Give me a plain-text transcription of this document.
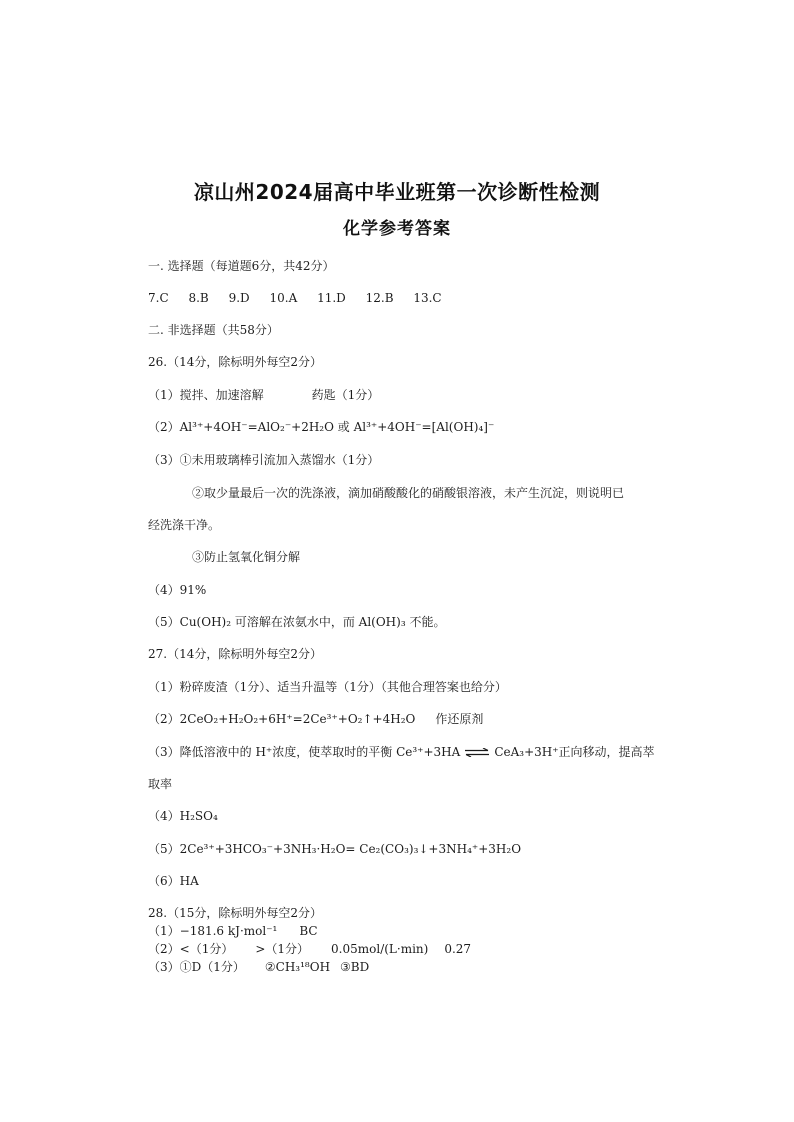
凉山州2024届高中毕业班第一次诊断性检测
化学参考答案
一. 选择题（每道题6分，共42分）
7.C 8.B 9.D 10.A 11.D 12.B 13.C
二. 非选择题（共58分）
26.（14分，除标明外每空2分）
（1）搅拌、加速溶解	药匙（1分）
（2）Al³⁺+4OH⁻=AlO₂⁻+2H₂O 或 Al³⁺+4OH⁻=[Al(OH)₄]⁻
（3）①未用玻璃棒引流加入蒸馏水（1分）
②取少量最后一次的洗涤液，滴加硝酸酸化的硝酸银溶液，未产生沉淀，则说明已
经洗涤干净。
③防止氢氧化铜分解
（4）91%
（5）Cu(OH)₂ 可溶解在浓氨水中，而 Al(OH)₃ 不能。
27.（14分，除标明外每空2分）
（1）粉碎废渣（1分）、适当升温等（1分）（其他合理答案也给分）
（2）2CeO₂+H₂O₂+6H⁺=2Ce³⁺+O₂↑+4H₂O 作还原剂
（3）降低溶液中的 H⁺浓度，使萃取时的平衡 Ce³⁺+3HA ⇌ CeA₃+3H⁺正向移动，提高萃
取率
（4）H₂SO₄
（5）2Ce³⁺+3HCO₃⁻+3NH₃·H₂O= Ce₂(CO₃)₃↓+3NH₄⁺+3H₂O
（6）HA
28.（15分，除标明外每空2分）
（1）−181.6 kJ·mol⁻¹ BC
（2）<（1分） >（1分） 0.05mol/(L·min) 0.27
（3）①D（1分） ②CH₃¹⁸OH ③BD
